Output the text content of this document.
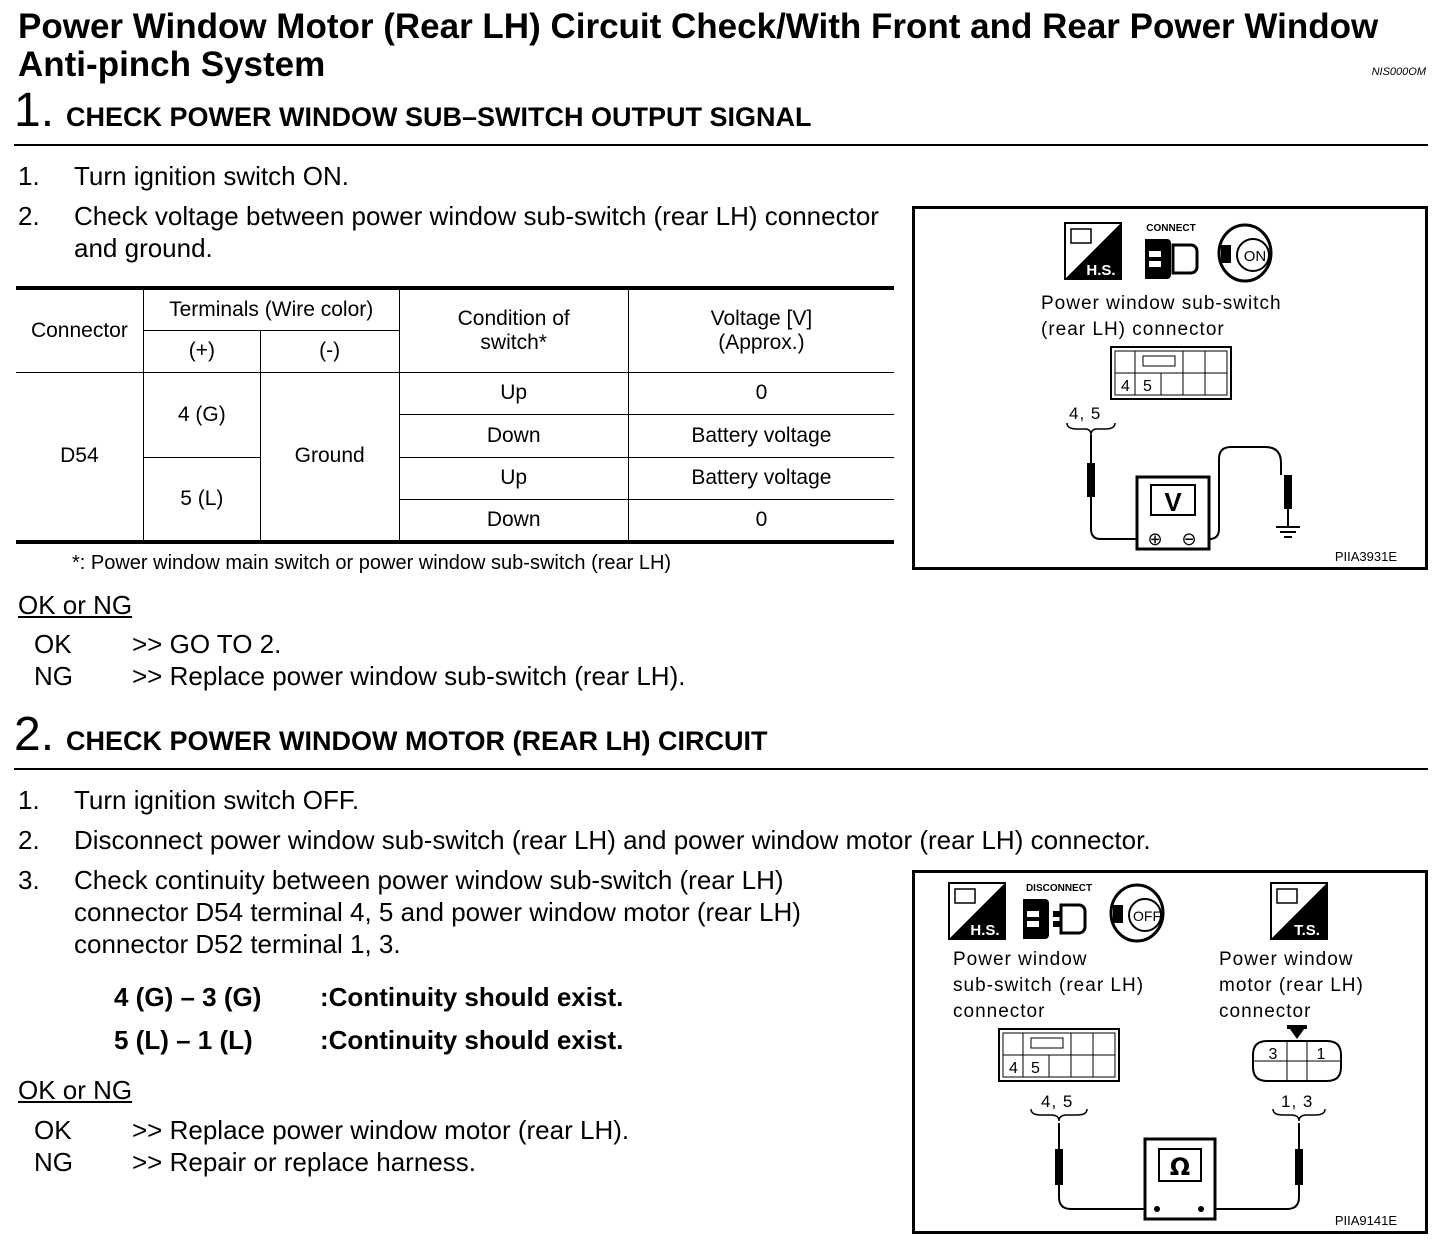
Power Window Motor (Rear LH) Circuit Check/With Front and Rear Power Window Anti-pinch System	NIS000OM
1. CHECK POWER WINDOW SUB–SWITCH OUTPUT SIGNAL
1. Turn ignition switch ON.
2. Check voltage between power window sub-switch (rear LH) connector and ground.
Connector	Terminals (Wire color)		Condition of switch*	Voltage [V] (Approx.)
	(+)	(-)		
D54	4 (G)	Ground	Up	0
			Down	Battery voltage
	5 (L)		Up	Battery voltage
			Down	0
*: Power window main switch or power window sub-switch (rear LH)
OK or NG
OK >> GO TO 2.
NG >> Replace power window sub-switch (rear LH).
H.S.
CONNECT
ON
Power window sub-switch
(rear LH) connector
4 5
4, 5
V
⊕ ⊖
PIIA3931E
2. CHECK POWER WINDOW MOTOR (REAR LH) CIRCUIT
1. Turn ignition switch OFF.
2. Disconnect power window sub-switch (rear LH) and power window motor (rear LH) connector.
3. Check continuity between power window sub-switch (rear LH)
connector D54 terminal 4, 5 and power window motor (rear LH)
connector D52 terminal 1, 3.
4 (G) – 3 (G) :Continuity should exist.
5 (L) – 1 (L)	:Continuity should exist.
OK or NG
OK >> Replace power window motor (rear LH).
NG >> Repair or replace harness.
H.S.
DISCONNECT
OFF
T.S.
Power window
sub-switch (rear LH)
connector
Power window
motor (rear LH)
connector
4 5
3 1
4, 5	1, 3
Ω
PIIA9141E
